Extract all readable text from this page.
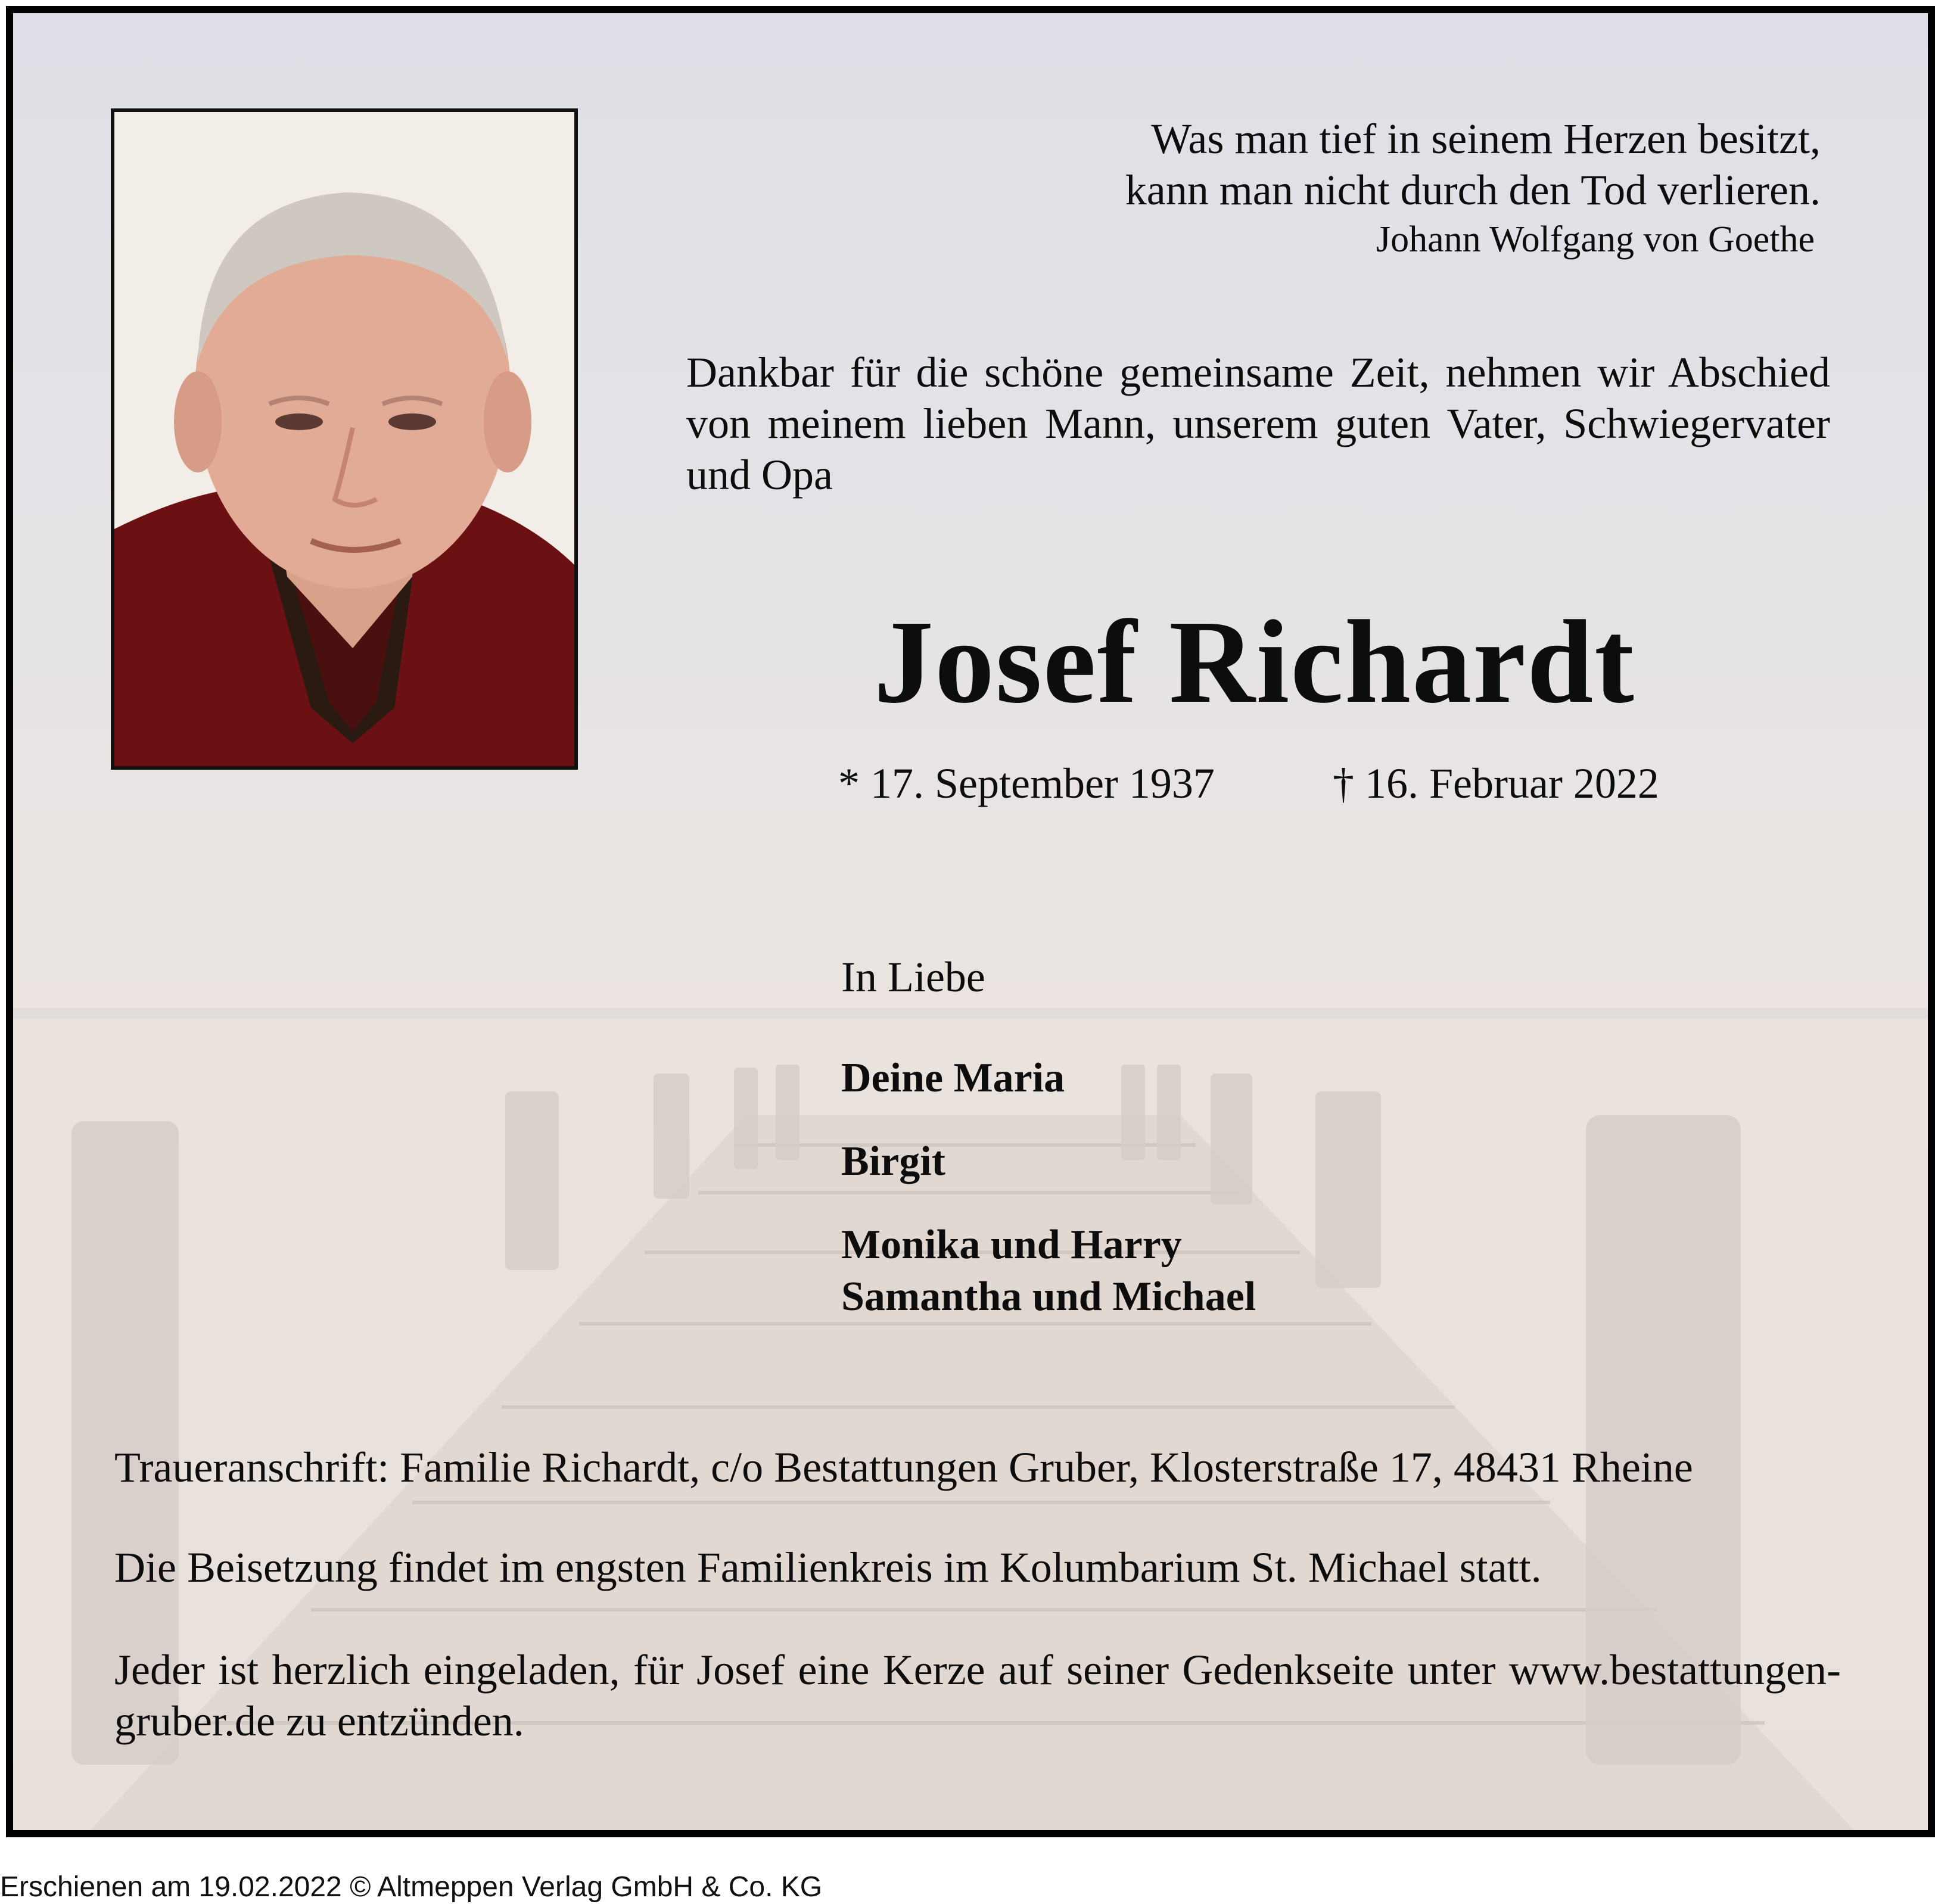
Was man tief in seinem Herzen besitzt,
kann man nicht durch den Tod verlieren.
Johann Wolfgang von Goethe

Dankbar für die schöne gemeinsame Zeit, nehmen wir Abschied von meinem lieben Mann, unserem guten Vater, Schwiegervater und Opa

Josef Richardt

* 17. September 1937	† 16. Februar 2022

In Liebe

Deine Maria

Birgit

Monika und Harry

Samantha und Michael

Traueranschrift: Familie Richardt, c/o Bestattungen Gruber, Klosterstraße 17, 48431 Rheine

Die Beisetzung findet im engsten Familienkreis im Kolumbarium St. Michael statt.

Jeder ist herzlich eingeladen, für Josef eine Kerze auf seiner Gedenkseite unter www.bestattungen-gruber.de zu entzünden.

Erschienen am 19.02.2022 © Altmeppen Verlag GmbH & Co. KG
